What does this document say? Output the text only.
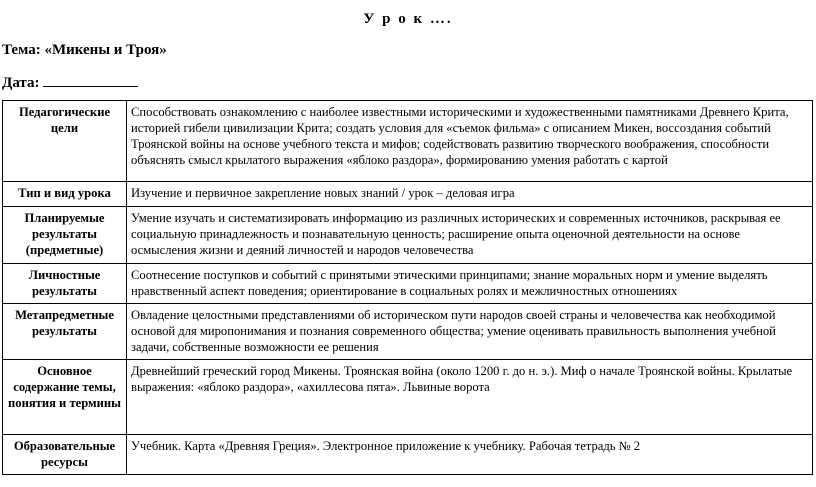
У р о к ….
Тема: «Микены и Троя»
Дата:
Педагогические цели	Способствовать ознакомлению с наиболее известными историческими и художественными памятниками Древнего Крита, историей гибели цивилизации Крита; создать условия для «съемок фильма» с описанием Микен, воссоздания событий Троянской войны на основе учебного текста и мифов; содействовать развитию творческого воображения, способности объяснять смысл крылатого выражения «яблоко раздора», формированию умения работать с картой
Тип и вид урока	Изучение и первичное закрепление новых знаний / урок – деловая игра
Планируемые результаты (предметные)	Умение изучать и систематизировать информацию из различных исторических и современных источников, раскрывая ее социальную принадлежность и познавательную ценность; расширение опыта оценочной деятельности на основе осмысления жизни и деяний личностей и народов человечества
Личностные результаты	Соотнесение поступков и событий с принятыми этическими принципами; знание моральных норм и умение выделять нравственный аспект поведения; ориентирование в социальных ролях и межличностных отношениях
Метапредметные результаты	Овладение целостными представлениями об историческом пути народов своей страны и человечества как необходимой основой для миропонимания и познания современного общества; умение оценивать правильность выполнения учебной задачи, собственные возможности ее решения
Основное содержание темы, понятия и термины	Древнейший греческий город Микены. Троянская война (около 1200 г. до н. э.). Миф о начале Троянской войны. Крылатые выражения: «яблоко раздора», «ахиллесова пята». Львиные ворота
Образовательные ресурсы	Учебник. Карта «Древняя Греция». Электронное приложение к учебнику. Рабочая тетрадь № 2
